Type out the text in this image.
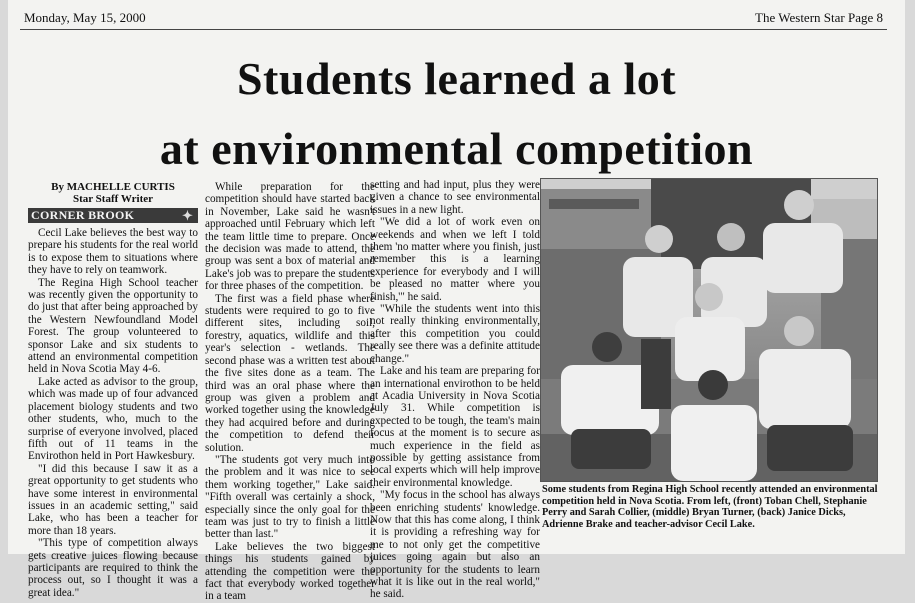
Monday, May 15, 2000	The Western Star Page 8
Students learned a lot
at environmental competition
By MACHELLE CURTIS
Star Staff Writer
CORNER BROOK	✦

Cecil Lake believes the best way to prepare his students for the real world is to expose them to situations where they have to rely on teamwork.

The Regina High School teacher was recently given the opportunity to do just that after being approached by the Western Newfoundland Model Forest. The group volunteered to sponsor Lake and six students to attend an environmental competition held in Nova Scotia May 4-6.

Lake acted as advisor to the group, which was made up of four advanced placement biology students and two other students, who, much to the surprise of everyone involved, placed fifth out of 11 teams in the Envirothon held in Port Hawkesbury.

"I did this because I saw it as a great opportunity to get students who have some interest in environmental issues in an academic setting," said Lake, who has been a teacher for more than 18 years.

"This type of competition always gets creative juices flowing because participants are required to think the process out, so I thought it was a great idea."

While preparation for the competition should have started back in November, Lake said he wasn't approached until February which left the team little time to prepare. Once the decision was made to attend, the group was sent a box of material and Lake's job was to prepare the students for three phases of the competition.

The first was a field phase where students were required to go to five different sites, including soil, forestry, aquatics, wildlife and this year's selection - wetlands. The second phase was a written test about the five sites done as a team. The third was an oral phase where the group was given a problem and worked together using the knowledge they had acquired before and during the competition to defend their solution.

"The students got very much into the problem and it was nice to see them working together," Lake said. "Fifth overall was certainly a shock, especially since the only goal for the team was just to try to finish a little better than last."

Lake believes the two biggest things his students gained by attending the competition were the fact that everybody worked together in a team

setting and had input, plus they were given a chance to see environmental issues in a new light.

"We did a lot of work even on weekends and when we left I told them 'no matter where you finish, just remember this is a learning experience for everybody and I will be pleased no matter where you finish,'" he said.

"While the students went into this not really thinking environmentally, after this competition you could really see there was a definite attitude change."

Lake and his team are preparing for an international envirothon to be held at Acadia University in Nova Scotia July 31. While competition is expected to be tough, the team's main focus at the moment is to secure as much experience in the field as possible by getting assistance from local experts which will help improve their environmental knowledge.

"My focus in the school has always been enriching students' knowledge. Now that this has come along, I think it is providing a refreshing way for me to not only get the competitive juices going again but also an opportunity for the students to learn what it is like out in the real world," he said.

Some students from Regina High School recently attended an environmental competition held in Nova Scotia. From left, (front) Toban Chell, Stephanie Perry and Sarah Collier, (middle) Bryan Turner, (back) Janice Dicks, Adrienne Brake and teacher-advisor Cecil Lake.
